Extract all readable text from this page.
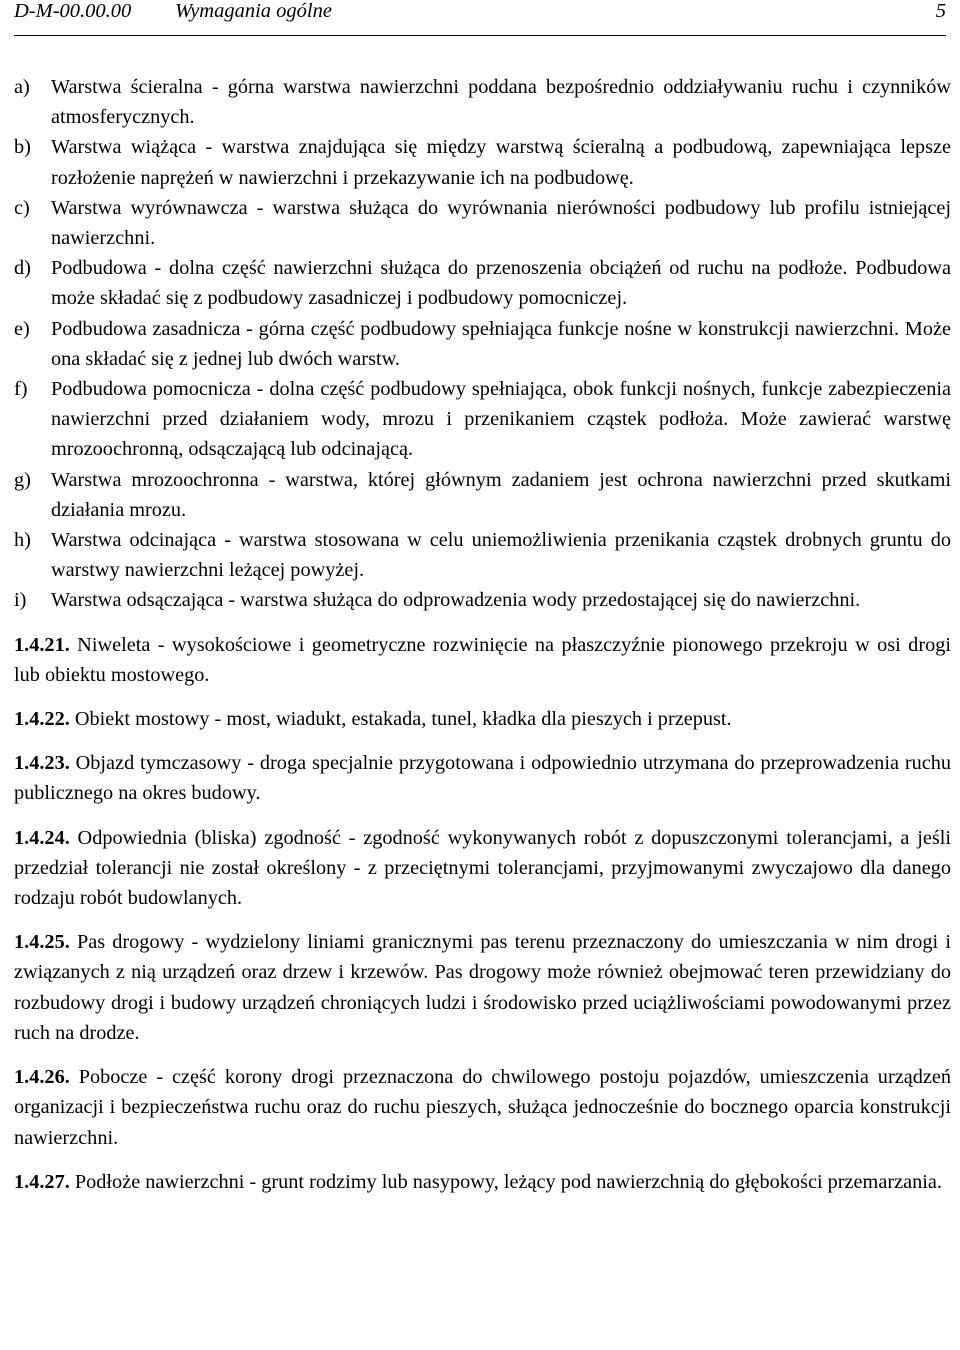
D-M-00.00.00 Wymagania ogólne	5
a) Warstwa ścieralna - górna warstwa nawierzchni poddana bezpośrednio oddziaływaniu ruchu i czynników atmosferycznych.
b) Warstwa wiążąca - warstwa znajdująca się między warstwą ścieralną a podbudową, zapewniająca lepsze rozłożenie naprężeń w nawierzchni i przekazywanie ich na podbudowę.
c) Warstwa wyrównawcza - warstwa służąca do wyrównania nierówności podbudowy lub profilu istniejącej nawierzchni.
d) Podbudowa - dolna część nawierzchni służąca do przenoszenia obciążeń od ruchu na podłoże. Podbudowa może składać się z podbudowy zasadniczej i podbudowy pomocniczej.
e) Podbudowa zasadnicza - górna część podbudowy spełniająca funkcje nośne w konstrukcji nawierzchni. Może ona składać się z jednej lub dwóch warstw.
f) Podbudowa pomocnicza - dolna część podbudowy spełniająca, obok funkcji nośnych, funkcje zabezpieczenia nawierzchni przed działaniem wody, mrozu i przenikaniem cząstek podłoża. Może zawierać warstwę mrozoochronną, odsączającą lub odcinającą.
g) Warstwa mrozoochronna - warstwa, której głównym zadaniem jest ochrona nawierzchni przed skutkami działania mrozu.
h) Warstwa odcinająca - warstwa stosowana w celu uniemożliwienia przenikania cząstek drobnych gruntu do warstwy nawierzchni leżącej powyżej.
i) Warstwa odsączająca - warstwa służąca do odprowadzenia wody przedostającej się do nawierzchni.
1.4.21. Niweleta - wysokościowe i geometryczne rozwinięcie na płaszczyźnie pionowego przekroju w osi drogi lub obiektu mostowego.
1.4.22. Obiekt mostowy - most, wiadukt, estakada, tunel, kładka dla pieszych i przepust.
1.4.23. Objazd tymczasowy - droga specjalnie przygotowana i odpowiednio utrzymana do przeprowadzenia ruchu publicznego na okres budowy.
1.4.24. Odpowiednia (bliska) zgodność - zgodność wykonywanych robót z dopuszczonymi tolerancjami, a jeśli przedział tolerancji nie został określony - z przeciętnymi tolerancjami, przyjmowanymi zwyczajowo dla danego rodzaju robót budowlanych.
1.4.25. Pas drogowy - wydzielony liniami granicznymi pas terenu przeznaczony do umieszczania w nim drogi i związanych z nią urządzeń oraz drzew i krzewów. Pas drogowy może również obejmować teren przewidziany do rozbudowy drogi i budowy urządzeń chroniących ludzi i środowisko przed uciążliwościami powodowanymi przez ruch na drodze.
1.4.26. Pobocze - część korony drogi przeznaczona do chwilowego postoju pojazdów, umieszczenia urządzeń organizacji i bezpieczeństwa ruchu oraz do ruchu pieszych, służąca jednocześnie do bocznego oparcia konstrukcji nawierzchni.
1.4.27. Podłoże nawierzchni - grunt rodzimy lub nasypowy, leżący pod nawierzchnią do głębokości przemarzania.
